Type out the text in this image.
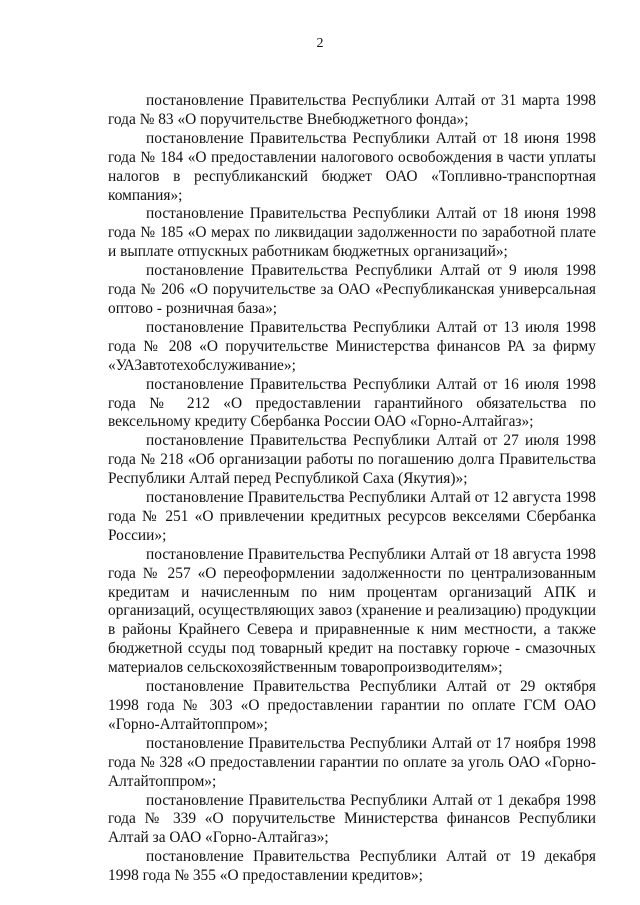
2

постановление Правительства Республики Алтай от 31 марта 1998 года № 83 «О поручительстве Внебюджетного фонда»;

постановление Правительства Республики Алтай от 18 июня 1998 года № 184 «О предоставлении налогового освобождения в части уплаты налогов в республиканский бюджет ОАО «Топливно-транспортная компания»;

постановление Правительства Республики Алтай от 18 июня 1998 года № 185 «О мерах по ликвидации задолженности по заработной плате и выплате отпускных работникам бюджетных организаций»;

постановление Правительства Республики Алтай от 9 июля 1998 года № 206 «О поручительстве за ОАО «Республиканская универсальная оптово - розничная база»;

постановление Правительства Республики Алтай от 13 июля 1998 года № 208 «О поручительстве Министерства финансов РА за фирму «УАЗавтотехобслуживание»;

постановление Правительства Республики Алтай от 16 июля 1998 года № 212 «О предоставлении гарантийного обязательства по вексельному кредиту Сбербанка России ОАО «Горно-Алтайгаз»;

постановление Правительства Республики Алтай от 27 июля 1998 года № 218 «Об организации работы по погашению долга Правительства Республики Алтай перед Республикой Саха (Якутия)»;

постановление Правительства Республики Алтай от 12 августа 1998 года № 251 «О привлечении кредитных ресурсов векселями Сбербанка России»;

постановление Правительства Республики Алтай от 18 августа 1998 года № 257 «О переоформлении задолженности по централизованным кредитам и начисленным по ним процентам организаций АПК и организаций, осуществляющих завоз (хранение и реализацию) продукции в районы Крайнего Севера и приравненные к ним местности, а также бюджетной ссуды под товарный кредит на поставку горюче - смазочных материалов сельскохозяйственным товаропроизводителям»;

постановление Правительства Республики Алтай от 29 октября 1998 года № 303 «О предоставлении гарантии по оплате ГСМ ОАО «Горно-Алтайтоппром»;

постановление Правительства Республики Алтай от 17 ноября 1998 года № 328 «О предоставлении гарантии по оплате за уголь ОАО «Горно-Алтайтоппром»;

постановление Правительства Республики Алтай от 1 декабря 1998 года № 339 «О поручительстве Министерства финансов Республики Алтай за ОАО «Горно-Алтайгаз»;

постановление Правительства Республики Алтай от 19 декабря 1998 года № 355 «О предоставлении кредитов»;
